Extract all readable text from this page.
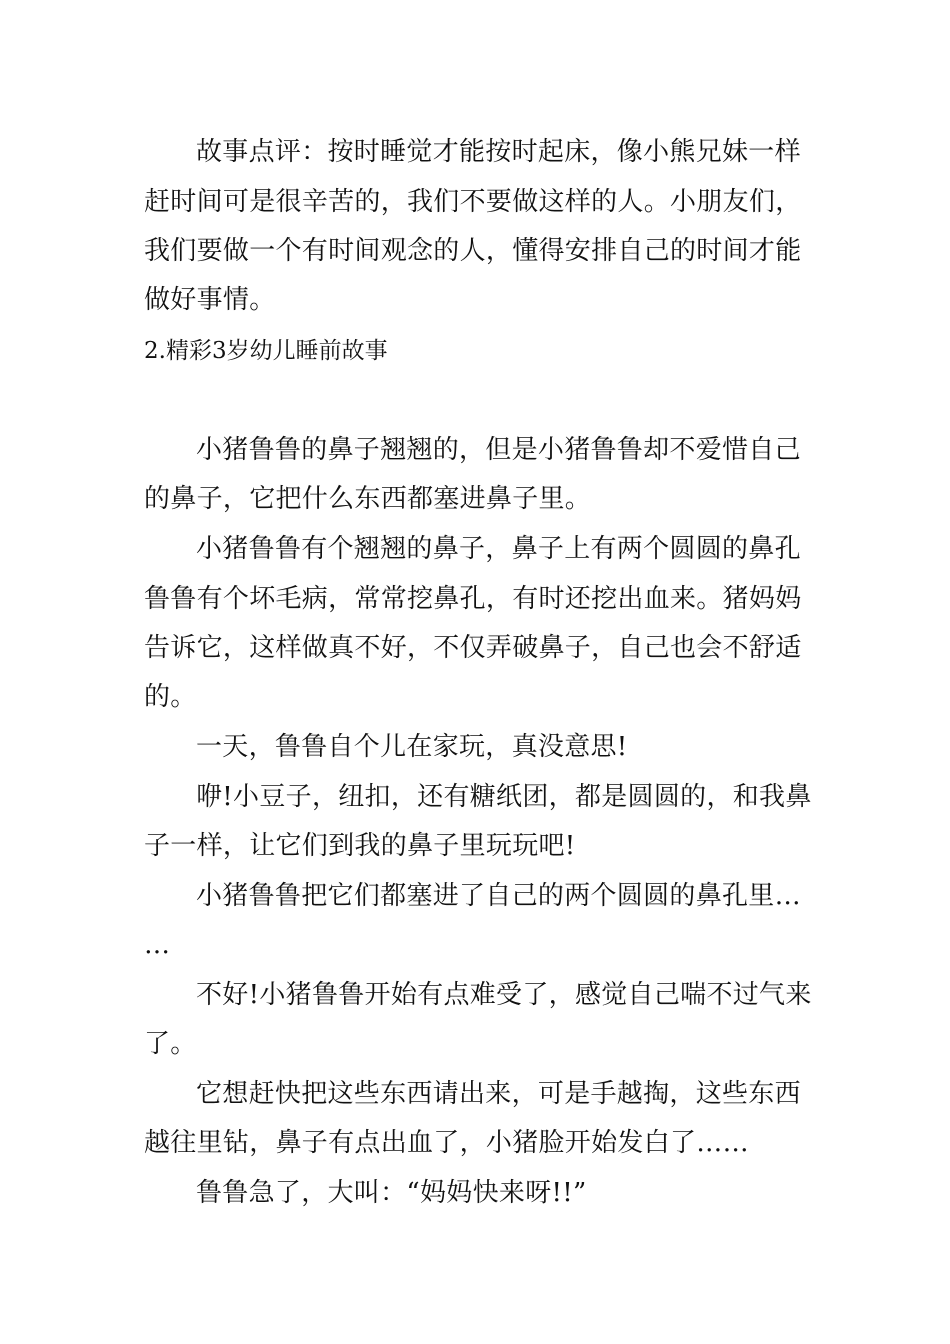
故事点评：按时睡觉才能按时起床，像小熊兄妹一样
赶时间可是很辛苦的，我们不要做这样的人。小朋友们，
我们要做一个有时间观念的人，懂得安排自己的时间才能
做好事情。
2.精彩3岁幼儿睡前故事
小猪鲁鲁的鼻子翘翘的，但是小猪鲁鲁却不爱惜自己
的鼻子，它把什么东西都塞进鼻子里。
小猪鲁鲁有个翘翘的鼻子，鼻子上有两个圆圆的鼻孔
鲁鲁有个坏毛病，常常挖鼻孔，有时还挖出血来。猪妈妈
告诉它，这样做真不好，不仅弄破鼻子，自己也会不舒适
的。
一天，鲁鲁自个儿在家玩，真没意思!
咿!小豆子，纽扣，还有糖纸团，都是圆圆的，和我鼻
子一样，让它们到我的鼻子里玩玩吧!
小猪鲁鲁把它们都塞进了自己的两个圆圆的鼻孔里…
…
不好!小猪鲁鲁开始有点难受了，感觉自己喘不过气来
了。
它想赶快把这些东西请出来，可是手越掏，这些东西
越往里钻，鼻子有点出血了，小猪脸开始发白了……
鲁鲁急了，大叫：“妈妈快来呀!!”
